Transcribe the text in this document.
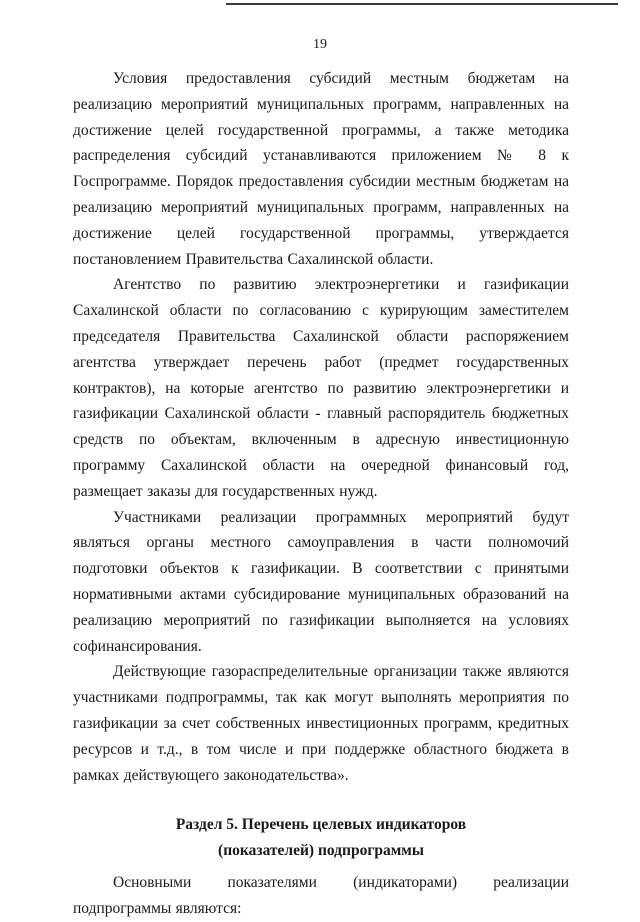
19

Условия предоставления субсидий местным бюджетам на реализацию мероприятий муниципальных программ, направленных на достижение целей государственной программы, а также методика распределения субсидий устанавливаются приложением № 8 к Госпрограмме. Порядок предоставления субсидии местным бюджетам на реализацию мероприятий муниципальных программ, направленных на достижение целей государственной программы, утверждается постановлением Правительства Сахалинской области.

Агентство по развитию электроэнергетики и газификации Сахалинской области по согласованию с курирующим заместителем председателя Правительства Сахалинской области распоряжением агентства утверждает перечень работ (предмет государственных контрактов), на которые агентство по развитию электроэнергетики и газификации Сахалинской области - главный распорядитель бюджетных средств по объектам, включенным в адресную инвестиционную программу Сахалинской области на очередной финансовый год, размещает заказы для государственных нужд.

Участниками реализации программных мероприятий будут являться органы местного самоуправления в части полномочий подготовки объектов к газификации. В соответствии с принятыми нормативными актами субсидирование муниципальных образований на реализацию мероприятий по газификации выполняется на условиях софинансирования.

Действующие газораспределительные организации также являются участниками подпрограммы, так как могут выполнять мероприятия по газификации за счет собственных инвестиционных программ, кредитных ресурсов и т.д., в том числе и при поддержке областного бюджета в рамках действующего законодательства».

Раздел 5. Перечень целевых индикаторов
(показателей) подпрограммы

Основными показателями (индикаторами) реализации подпрограммы являются:
